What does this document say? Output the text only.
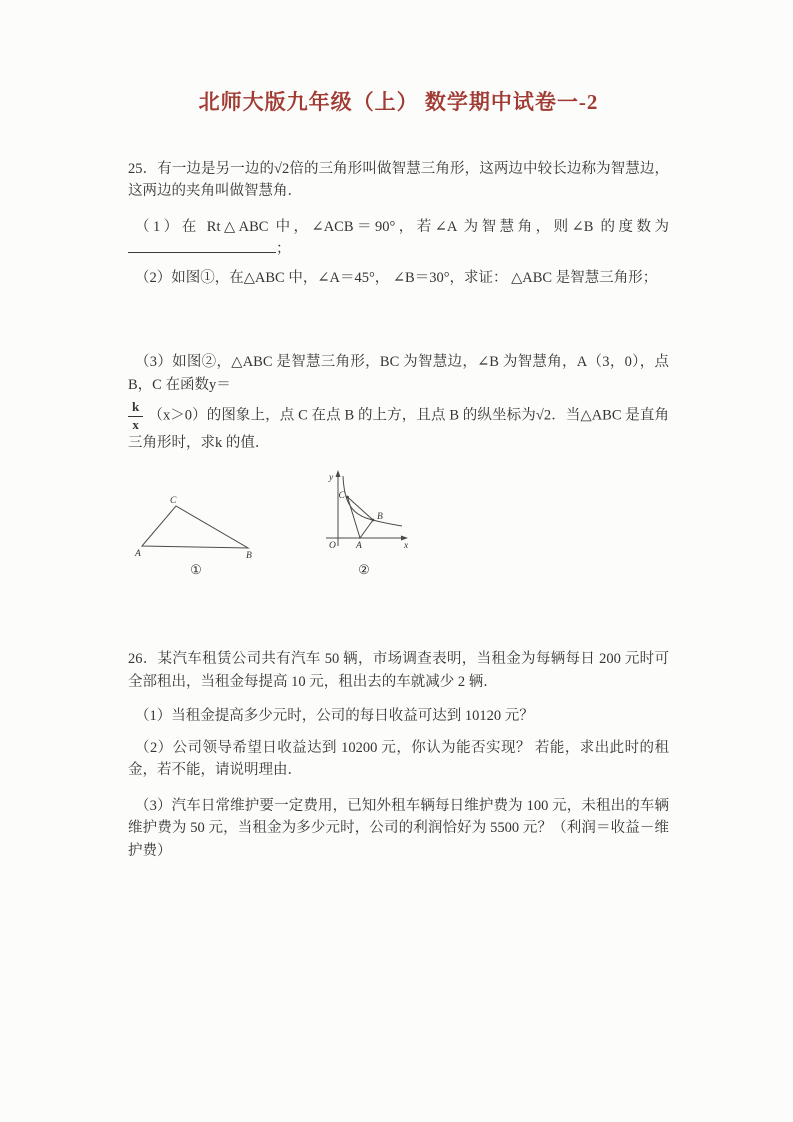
北师大版九年级（上） 数学期中试卷一-2

25．有一边是另一边的√2倍的三角形叫做智慧三角形，这两边中较长边称为智慧边，这两边的夹角叫做智慧角．

（1）在 Rt△ABC 中，∠ACB＝90°，若∠A 为智慧角，则∠B 的度数为；

（2）如图①，在△ABC 中，∠A＝45°， ∠B＝30°，求证： △ABC 是智慧三角形；

（3）如图②，△ABC 是智慧三角形，BC 为智慧边，∠B 为智慧角，A（3，0），点 B，C 在函数y＝

$\frac{k}{x} (x>0)$的图象上，点 C 在点 B 的上方，且点 B 的纵坐标为√2．当△ABC 是直角三角形时，求k 的值．

A
C
B
①
y
x
O
C
B
A
②

26．某汽车租赁公司共有汽车 50 辆，市场调查表明，当租金为每辆每日 200 元时可全部租出，当租金每提高 10 元，租出去的车就减少 2 辆．

（1）当租金提高多少元时，公司的每日收益可达到 10120 元？

（2）公司领导希望日收益达到 10200 元，你认为能否实现？ 若能，求出此时的租金，若不能，请说明理由．

（3）汽车日常维护要一定费用，已知外租车辆每日维护费为 100 元，未租出的车辆维护费为 50 元，当租金为多少元时，公司的利润恰好为 5500 元？（利润＝收益－维护费）
